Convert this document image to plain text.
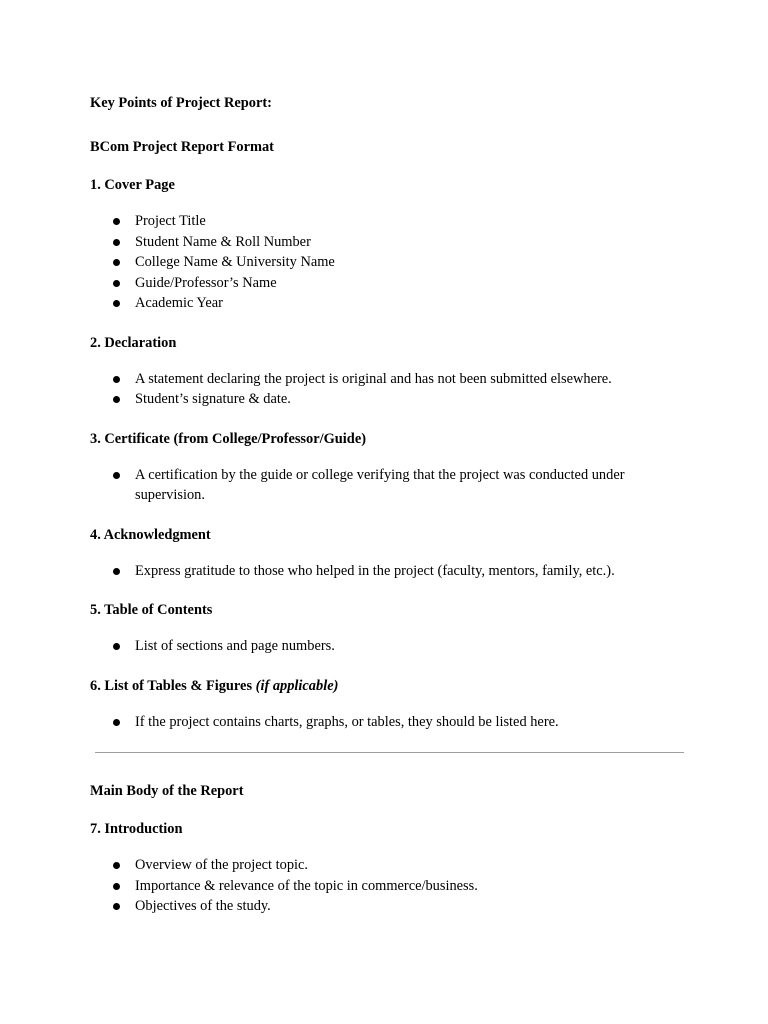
Key Points of Project Report:

BCom Project Report Format

1. Cover Page

Project Title
Student Name & Roll Number
College Name & University Name
Guide/Professor’s Name
Academic Year

2. Declaration

A statement declaring the project is original and has not been submitted elsewhere.
Student’s signature & date.

3. Certificate (from College/Professor/Guide)

A certification by the guide or college verifying that the project was conducted under supervision.

4. Acknowledgment

Express gratitude to those who helped in the project (faculty, mentors, family, etc.).

5. Table of Contents

List of sections and page numbers.

6. List of Tables & Figures (if applicable)

If the project contains charts, graphs, or tables, they should be listed here.

Main Body of the Report

7. Introduction

Overview of the project topic.
Importance & relevance of the topic in commerce/business.
Objectives of the study.
